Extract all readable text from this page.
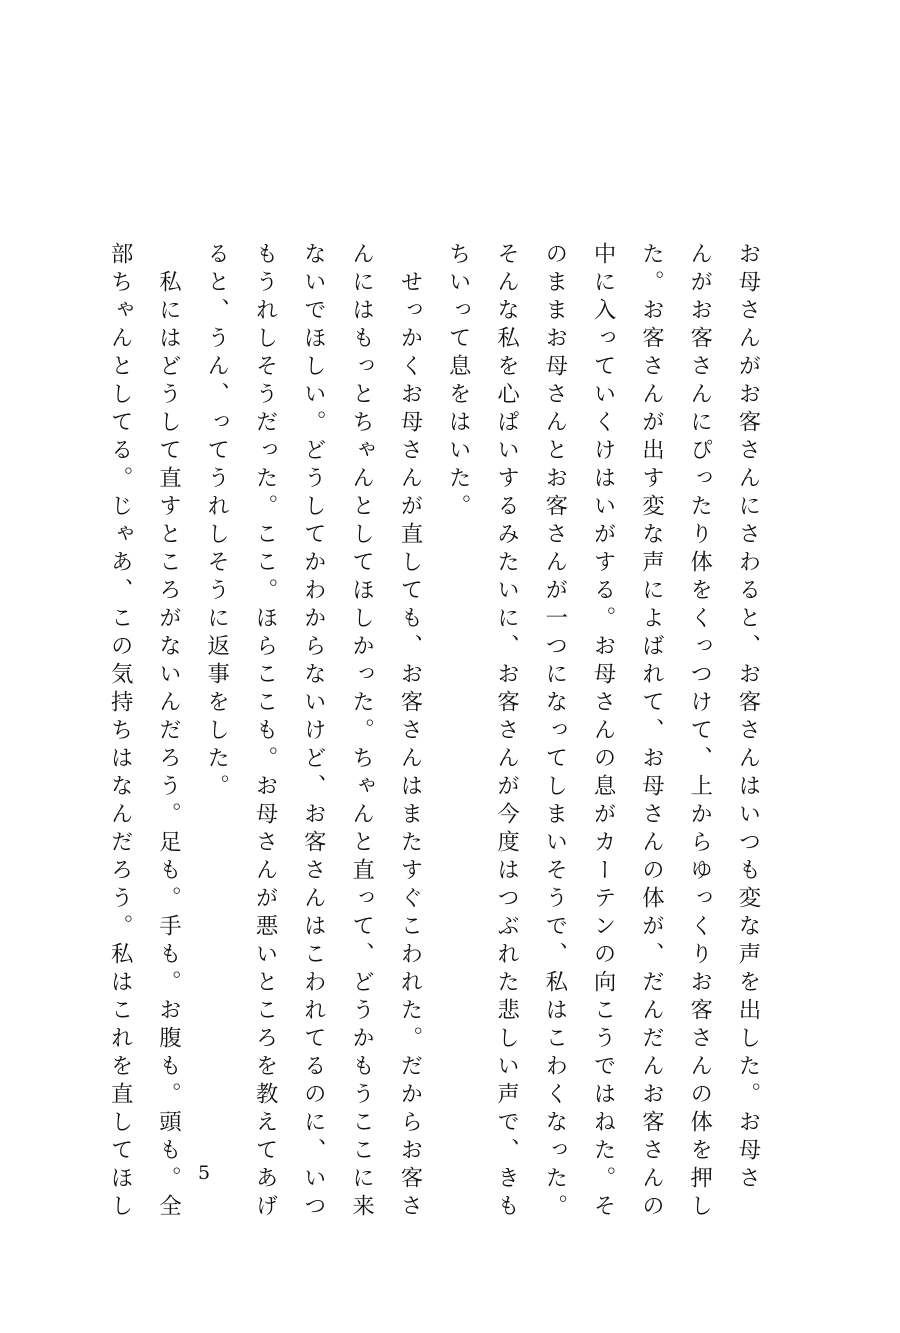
お母さんがお客さんにさわると、お客さんはいつも変な声を出した。お母さ
んがお客さんにぴったり体をくっつけて、上からゆっくりお客さんの体を押し
た。お客さんが出す変な声によばれて、お母さんの体が、だんだんお客さんの
中に入っていくけはいがする。お母さんの息がカーテンの向こうではねた。そ
のままお母さんとお客さんが一つになってしまいそうで、私はこわくなった。
そんな私を心ぱいするみたいに、お客さんが今度はつぶれた悲しい声で、きも
ちいって息をはいた。
　せっかくお母さんが直しても、お客さんはまたすぐこわれた。だからお客さ
んにはもっとちゃんとしてほしかった。ちゃんと直って、どうかもうここに来
ないでほしい。どうしてかわからないけど、お客さんはこわれてるのに、いつ
もうれしそうだった。ここ。ほらここも。お母さんが悪いところを教えてあげ
ると、うん、ってうれしそうに返事をした。
　私にはどうして直すところがないんだろう。足も。手も。お腹も。頭も。全
部ちゃんとしてる。じゃあ、この気持ちはなんだろう。私はこれを直してほし	5
